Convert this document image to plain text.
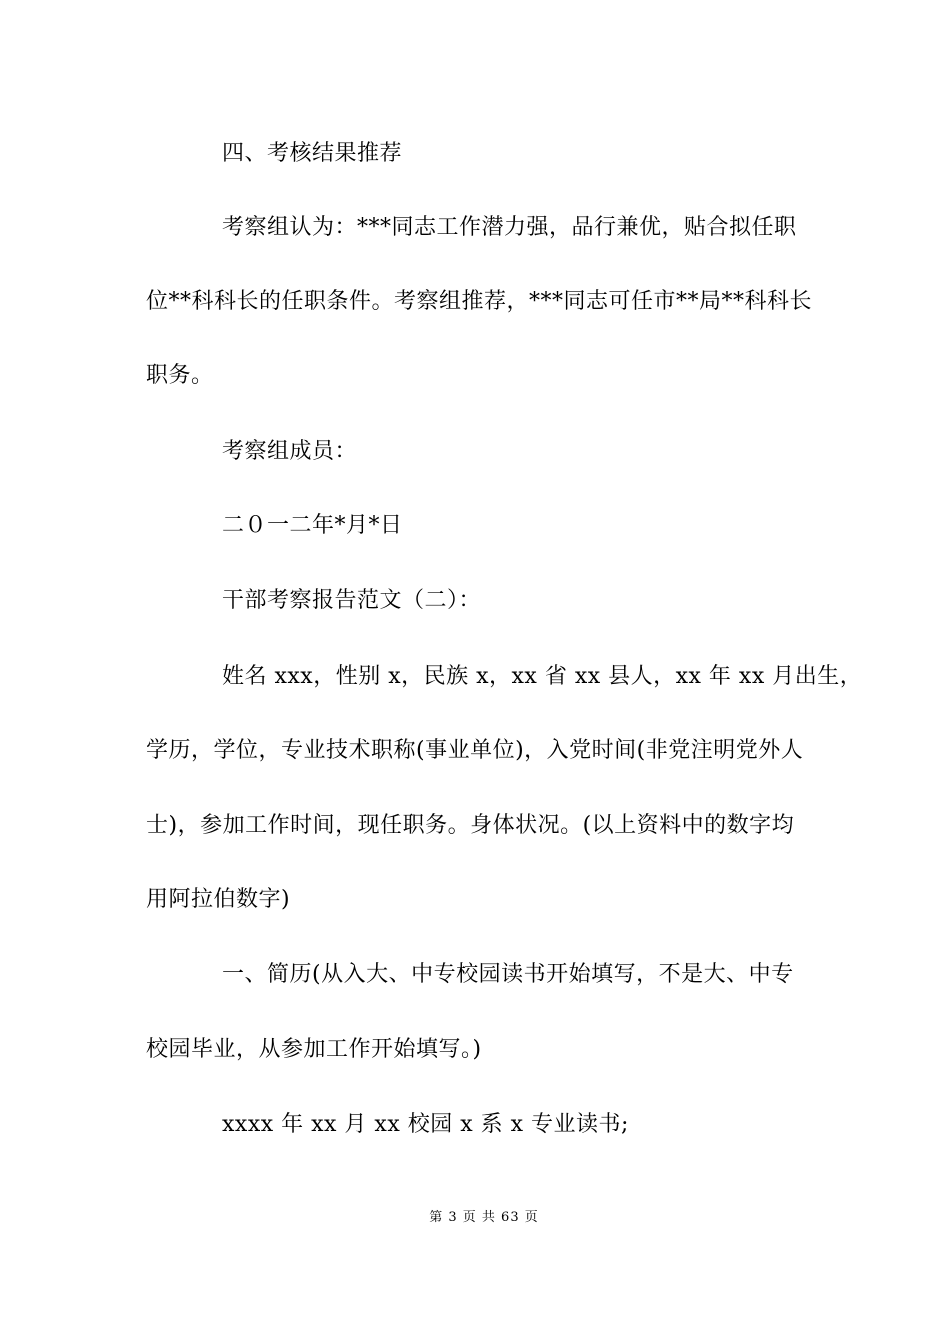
四、考核结果推荐
考察组认为：***同志工作潜力强，品行兼优，贴合拟任职
位**科科长的任职条件。考察组推荐，***同志可任市**局**科科长
职务。
考察组成员：
二０一二年*月*日
干部考察报告范文（二）：
姓名 xxx，性别 x，民族 x，xx 省 xx 县人，xx 年 xx 月出生，
学历，学位，专业技术职称(事业单位)，入党时间(非党注明党外人
士)，参加工作时间，现任职务。身体状况。(以上资料中的数字均
用阿拉伯数字)
一、简历(从入大、中专校园读书开始填写，不是大、中专
校园毕业，从参加工作开始填写。)
xxxx 年 xx 月 xx 校园 x 系 x 专业读书;
第 3 页 共 63 页
